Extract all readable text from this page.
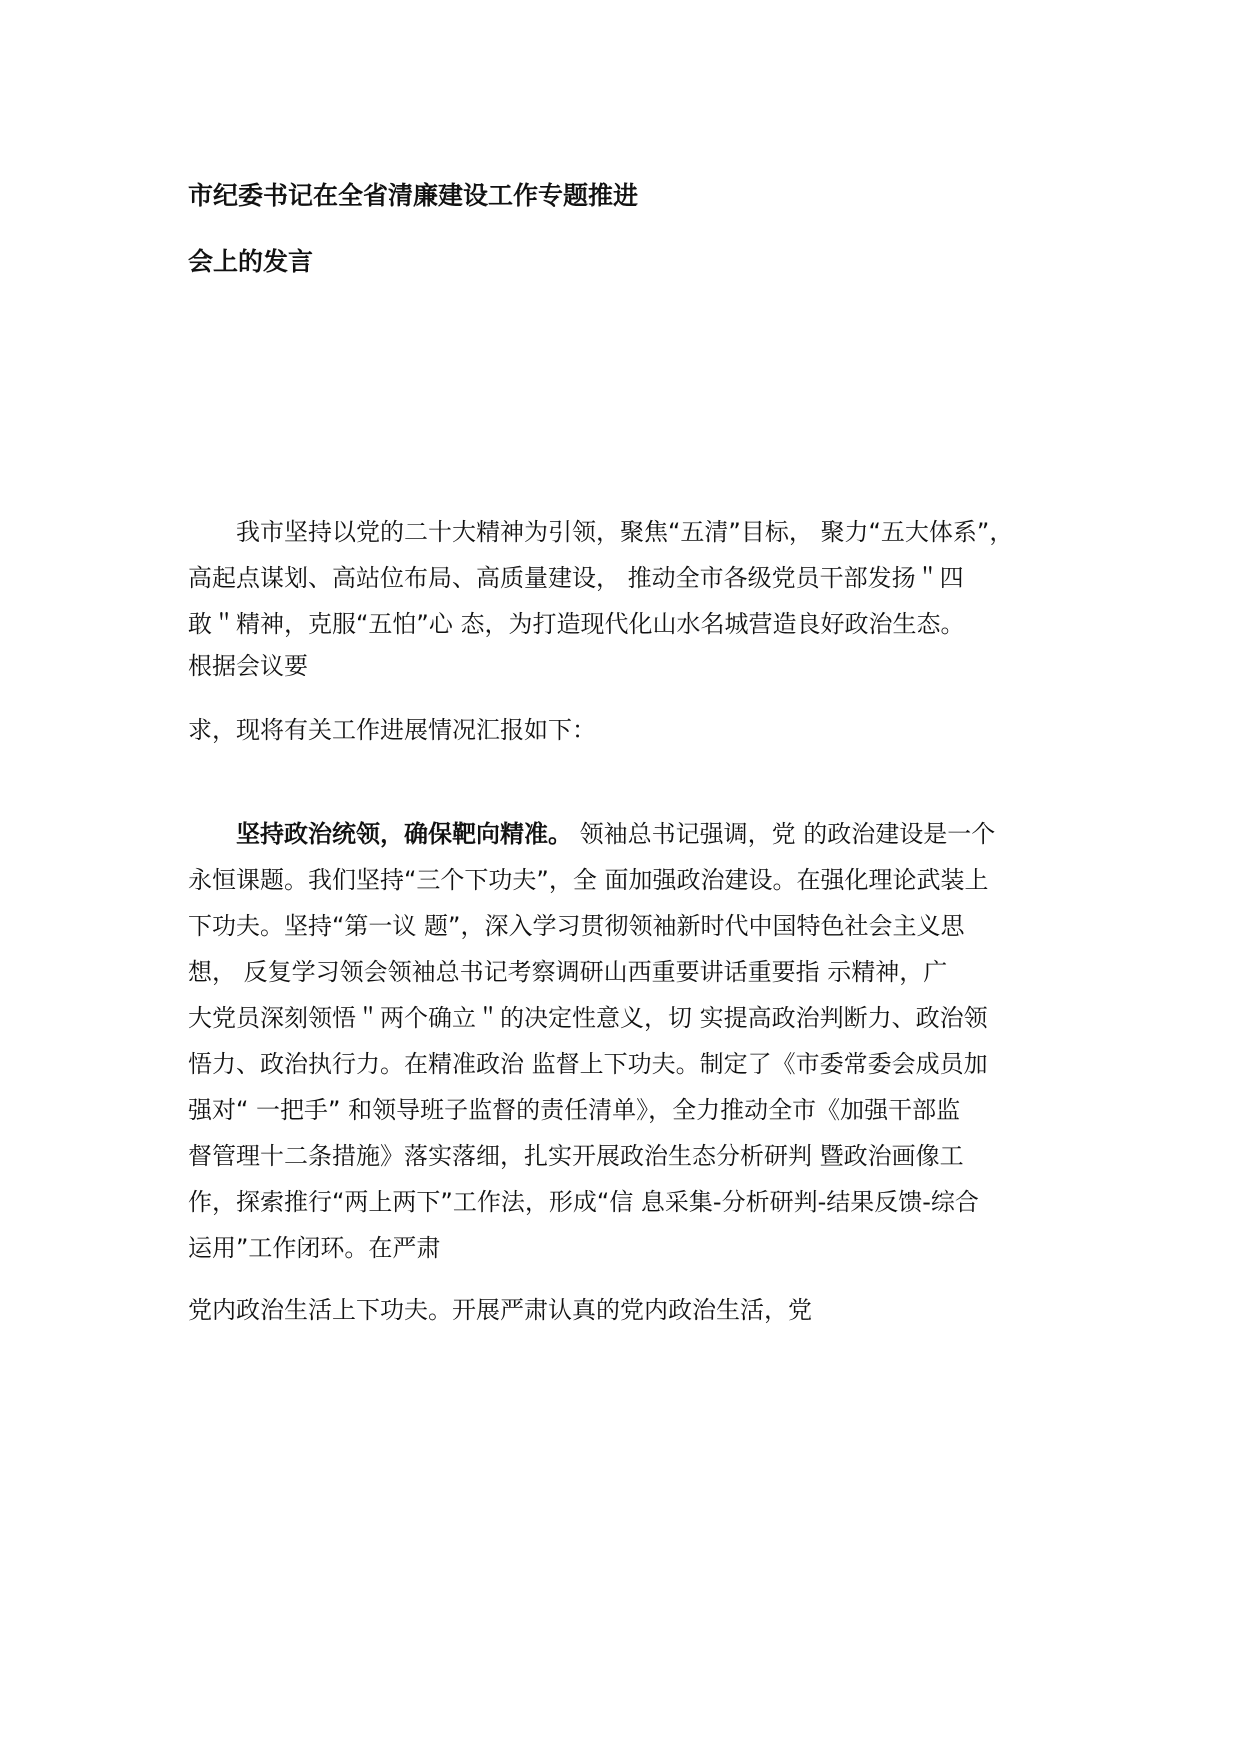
市纪委书记在全省清廉建设工作专题推进
会上的发言
　　我市坚持以党的二十大精神为引领，聚焦“五清”目标， 聚力“五大体系”，
高起点谋划、高站位布局、高质量建设， 推动全市各级党员干部发扬＂四
敢＂精神，克服“五怕”心 态，为打造现代化山水名城营造良好政治生态。
根据会议要
求，现将有关工作进展情况汇报如下：
　　坚持政治统领，确保靶向精准。 领袖总书记强调，党 的政治建设是一个
永恒课题。我们坚持“三个下功夫”，全 面加强政治建设。在强化理论武装上
下功夫。坚持“第一议 题”，深入学习贯彻领袖新时代中国特色社会主义思
想， 反复学习领会领袖总书记考察调研山西重要讲话重要指 示精神，广
大党员深刻领悟＂两个确立＂的决定性意义，切 实提高政治判断力、政治领
悟力、政治执行力。在精准政治 监督上下功夫。制定了《市委常委会成员加
强对“ 一把手” 和领导班子监督的责任清单》，全力推动全市《加强干部监
督管理十二条措施》落实落细，扎实开展政治生态分析研判 暨政治画像工
作，探索推行“两上两下”工作法，形成“信 息采集-分析研判-结果反馈-综合
运用”工作闭环。在严肃
党内政治生活上下功夫。开展严肃认真的党内政治生活，党
